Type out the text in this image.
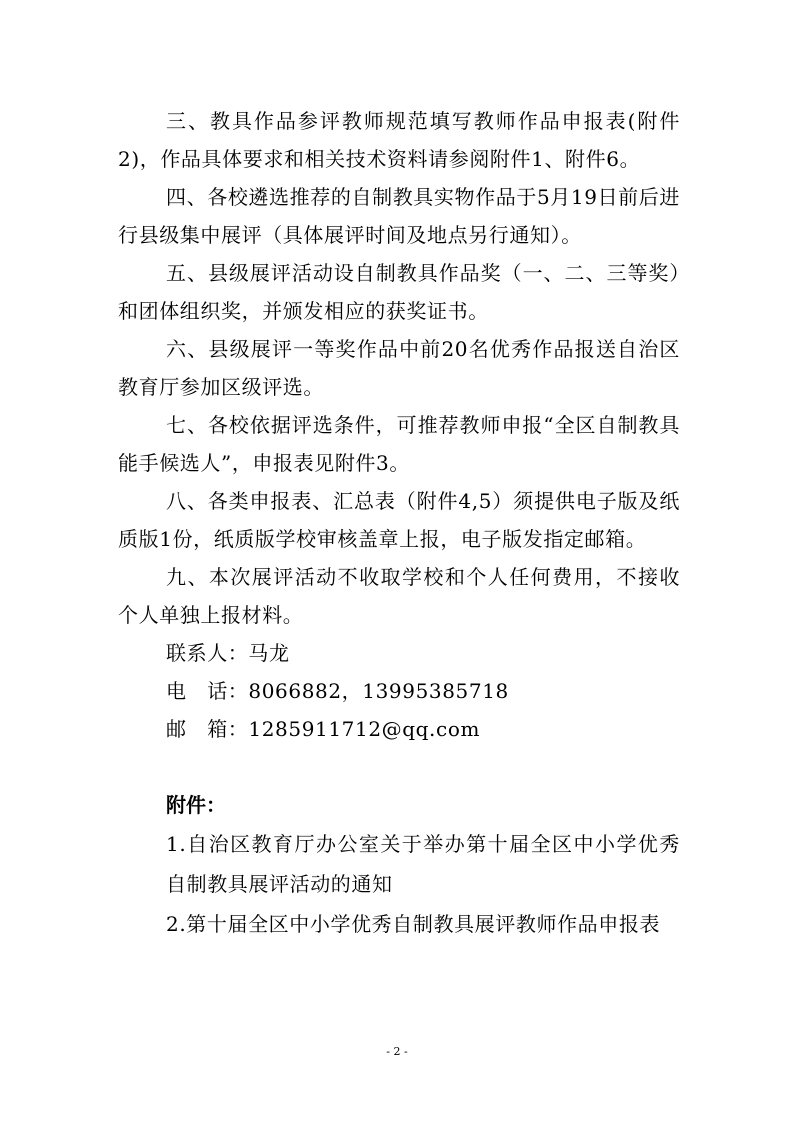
三、教具作品参评教师规范填写教师作品申报表(附件2)，作品具体要求和相关技术资料请参阅附件1、附件6。

四、各校遴选推荐的自制教具实物作品于5月19日前后进行县级集中展评（具体展评时间及地点另行通知）。

五、县级展评活动设自制教具作品奖（一、二、三等奖）和团体组织奖，并颁发相应的获奖证书。

六、县级展评一等奖作品中前20名优秀作品报送自治区教育厅参加区级评选。

七、各校依据评选条件，可推荐教师申报“全区自制教具能手候选人”，申报表见附件3。

八、各类申报表、汇总表（附件4,5）须提供电子版及纸质版1份，纸质版学校审核盖章上报，电子版发指定邮箱。

九、本次展评活动不收取学校和个人任何费用，不接收个人单独上报材料。

联系人：马龙

电　话：8066882，13995385718

邮　箱：1285911712@qq.com

附件：

1.自治区教育厅办公室关于举办第十届全区中小学优秀自制教具展评活动的通知

2.第十届全区中小学优秀自制教具展评教师作品申报表

- 2 -
